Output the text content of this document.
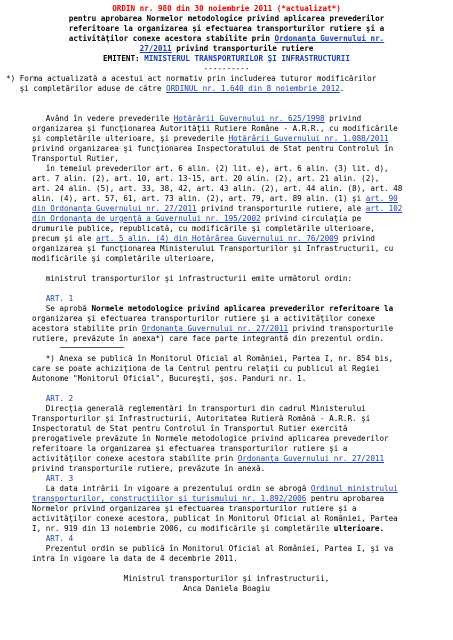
ORDIN nr. 980 din 30 noiembrie 2011 (*actualizat*)
pentru aprobarea Normelor metodologice privind aplicarea prevederilor
referitoare la organizarea şi efectuarea transporturilor rutiere şi a
activităţilor conexe acestora stabilite prin Ordonanţa Guvernului nr.
27/2011 privind transporturile rutiere
EMITENT: MINISTERUL TRANSPORTURILOR ŞI INFRASTRUCTURII
----------
*) Forma actualizată a acestui act normativ prin includerea tuturor modificărilor
şi completărilor aduse de către ORDINUL nr. 1.640 din 8 noiembrie 2012.
Având în vedere prevederile Hotărârii Guvernului nr. 625/1998 privind
organizarea şi funcţionarea Autorităţii Rutiere Române - A.R.R., cu modificările
şi completările ulterioare, şi prevederile Hotărârii Guvernului nr. 1.088/2011
privind organizarea şi funcţionarea Inspectoratului de Stat pentru Controlul în
Transportul Rutier,
în temeiul prevederilor art. 6 alin. (2) lit. e), art. 6 alin. (3) lit. d),
art. 7 alin. (2), art. 10, art. 13-15, art. 20 alin. (2), art. 21 alin. (2),
art. 24 alin. (5), art. 33, 38, 42, art. 43 alin. (2), art. 44 alin. (8), art. 48
alin. (4), art. 57, 61, art. 73 alin. (2), art. 79, art. 89 alin. (1) şi art. 90
din Ordonanţa Guvernului nr. 27/2011 privind transporturile rutiere, ale art. 102
din Ordonanţa de urgenţă a Guvernului nr. 195/2002 privind circulaţia pe
drumurile publice, republicată, cu modificările şi completările ulterioare,
precum şi ale art. 5 alin. (4) din Hotărârea Guvernului nr. 76/2009 privind
organizarea şi funcţionarea Ministerului Transporturilor şi Infrastructurii, cu
modificările şi completările ulterioare,
ministrul transporturilor şi infrastructurii emite următorul ordin:
ART. 1
Se aprobă Normele metodologice privind aplicarea prevederilor referitoare la
organizarea şi efectuarea transporturilor rutiere şi a activităţilor conexe
acestora stabilite prin Ordonanţa Guvernului nr. 27/2011 privind transporturile
rutiere, prevăzute în anexa*) care face parte integrantă din prezentul ordin.
*) Anexa se publică în Monitorul Oficial al României, Partea I, nr. 854 bis,
care se poate achiziţiona de la Centrul pentru relaţii cu publicul al Regiei
Autonome "Monitorul Oficial", Bucureşti, şos. Panduri nr. 1.
ART. 2
Direcţia generală reglementări în transporturi din cadrul Ministerului
Transporturilor şi Infrastructurii, Autoritatea Rutieră Română - A.R.R. şi
Inspectoratul de Stat pentru Controlul în Transportul Rutier exercită
prerogativele prevăzute în Normele metodologice privind aplicarea prevederilor
referitoare la organizarea şi efectuarea transporturilor rutiere şi a
activităţilor conexe acestora stabilite prin Ordonanţa Guvernului nr. 27/2011
privind transporturile rutiere, prevăzute în anexă.
ART. 3
La data intrării în vigoare a prezentului ordin se abrogă Ordinul ministrului
transporturilor, construcţiilor şi turismului nr. 1.892/2006 pentru aprobarea
Normelor privind organizarea şi efectuarea transporturilor rutiere şi a
activităţilor conexe acestora, publicat în Monitorul Oficial al României, Partea
I, nr. 919 din 13 noiembrie 2006, cu modificările şi completările ulterioare.
ART. 4
Prezentul ordin se publică în Monitorul Oficial al României, Partea I, şi va
intra în vigoare la data de 4 decembrie 2011.
Ministrul transporturilor şi infrastructurii,
Anca Daniela Boagiu
